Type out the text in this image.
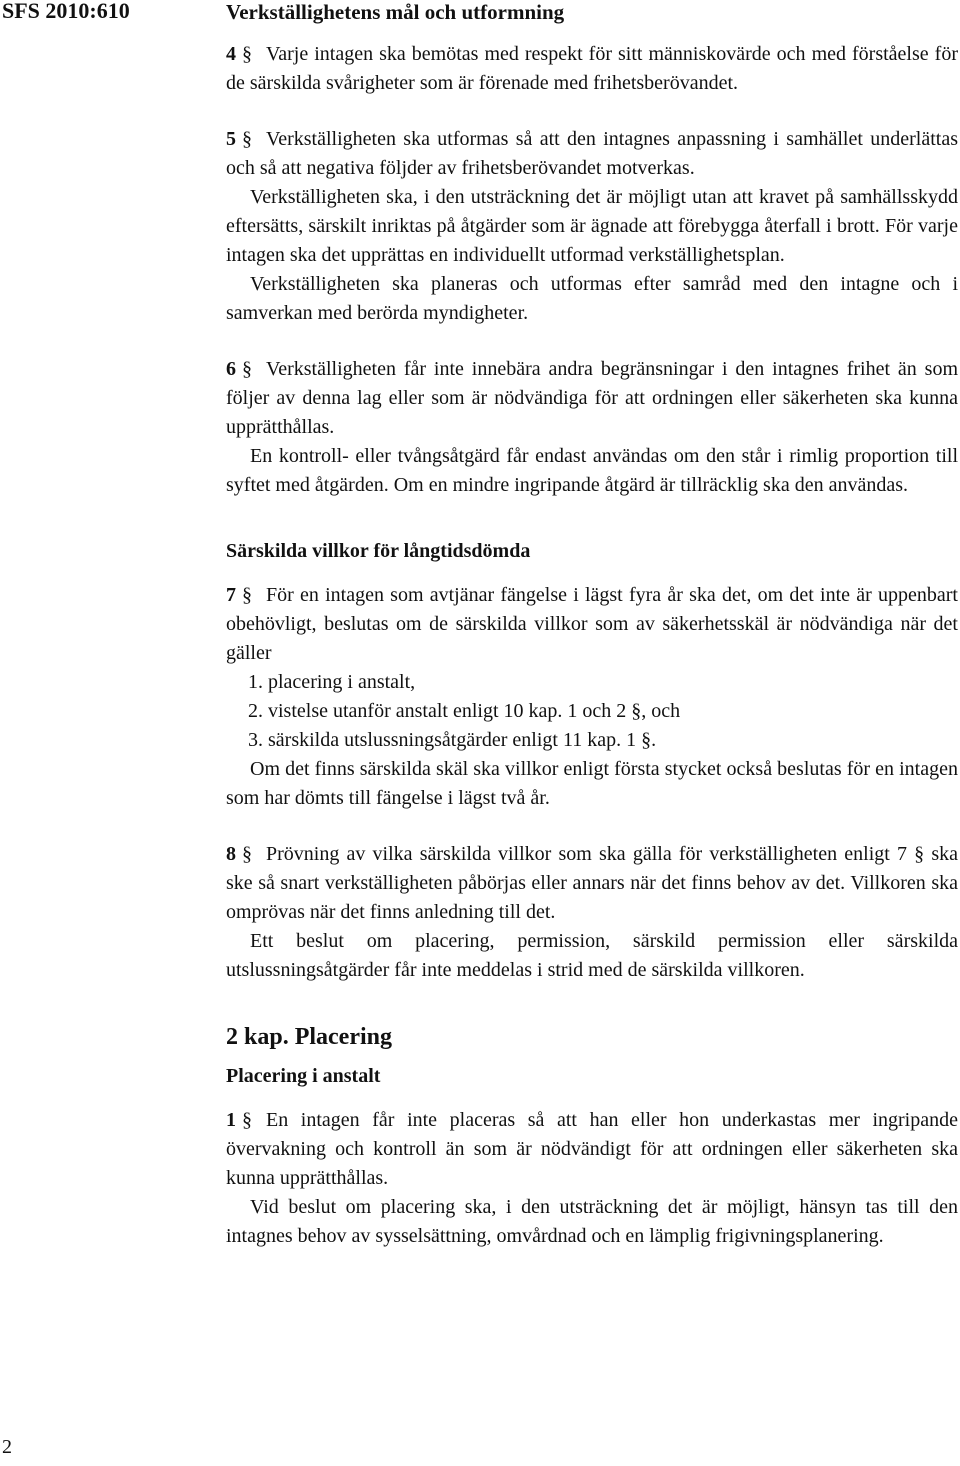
SFS 2010:610	Verkställighetens mål och utformning

4 § Varje intagen ska bemötas med respekt för sitt människovärde och med förståelse för de särskilda svårigheter som är förenade med frihetsberövandet.

5 § Verkställigheten ska utformas så att den intagnes anpassning i samhället underlättas och så att negativa följder av frihetsberövandet motverkas.

Verkställigheten ska, i den utsträckning det är möjligt utan att kravet på samhällsskydd eftersätts, särskilt inriktas på åtgärder som är ägnade att förebygga återfall i brott. För varje intagen ska det upprättas en individuellt utformad verkställighetsplan.

Verkställigheten ska planeras och utformas efter samråd med den intagne och i samverkan med berörda myndigheter.

6 § Verkställigheten får inte innebära andra begränsningar i den intagnes frihet än som följer av denna lag eller som är nödvändiga för att ordningen eller säkerheten ska kunna upprätthållas.

En kontroll- eller tvångsåtgärd får endast användas om den står i rimlig proportion till syftet med åtgärden. Om en mindre ingripande åtgärd är tillräcklig ska den användas.

Särskilda villkor för långtidsdömda

7 § För en intagen som avtjänar fängelse i lägst fyra år ska det, om det inte är uppenbart obehövligt, beslutas om de särskilda villkor som av säkerhetsskäl är nödvändiga när det gäller

1. placering i anstalt,
2. vistelse utanför anstalt enligt 10 kap. 1 och 2 §, och
3. särskilda utslussningsåtgärder enligt 11 kap. 1 §.

Om det finns särskilda skäl ska villkor enligt första stycket också beslutas för en intagen som har dömts till fängelse i lägst två år.

8 § Prövning av vilka särskilda villkor som ska gälla för verkställigheten enligt 7 § ska ske så snart verkställigheten påbörjas eller annars när det finns behov av det. Villkoren ska omprövas när det finns anledning till det.

Ett beslut om placering, permission, särskild permission eller särskilda utslussningsåtgärder får inte meddelas i strid med de särskilda villkoren.

2 kap. Placering
Placering i anstalt

1 § En intagen får inte placeras så att han eller hon underkastas mer ingripande övervakning och kontroll än som är nödvändigt för att ordningen eller säkerheten ska kunna upprätthållas.

Vid beslut om placering ska, i den utsträckning det är möjligt, hänsyn tas till den intagnes behov av sysselsättning, omvårdnad och en lämplig frigivningsplanering.

2
